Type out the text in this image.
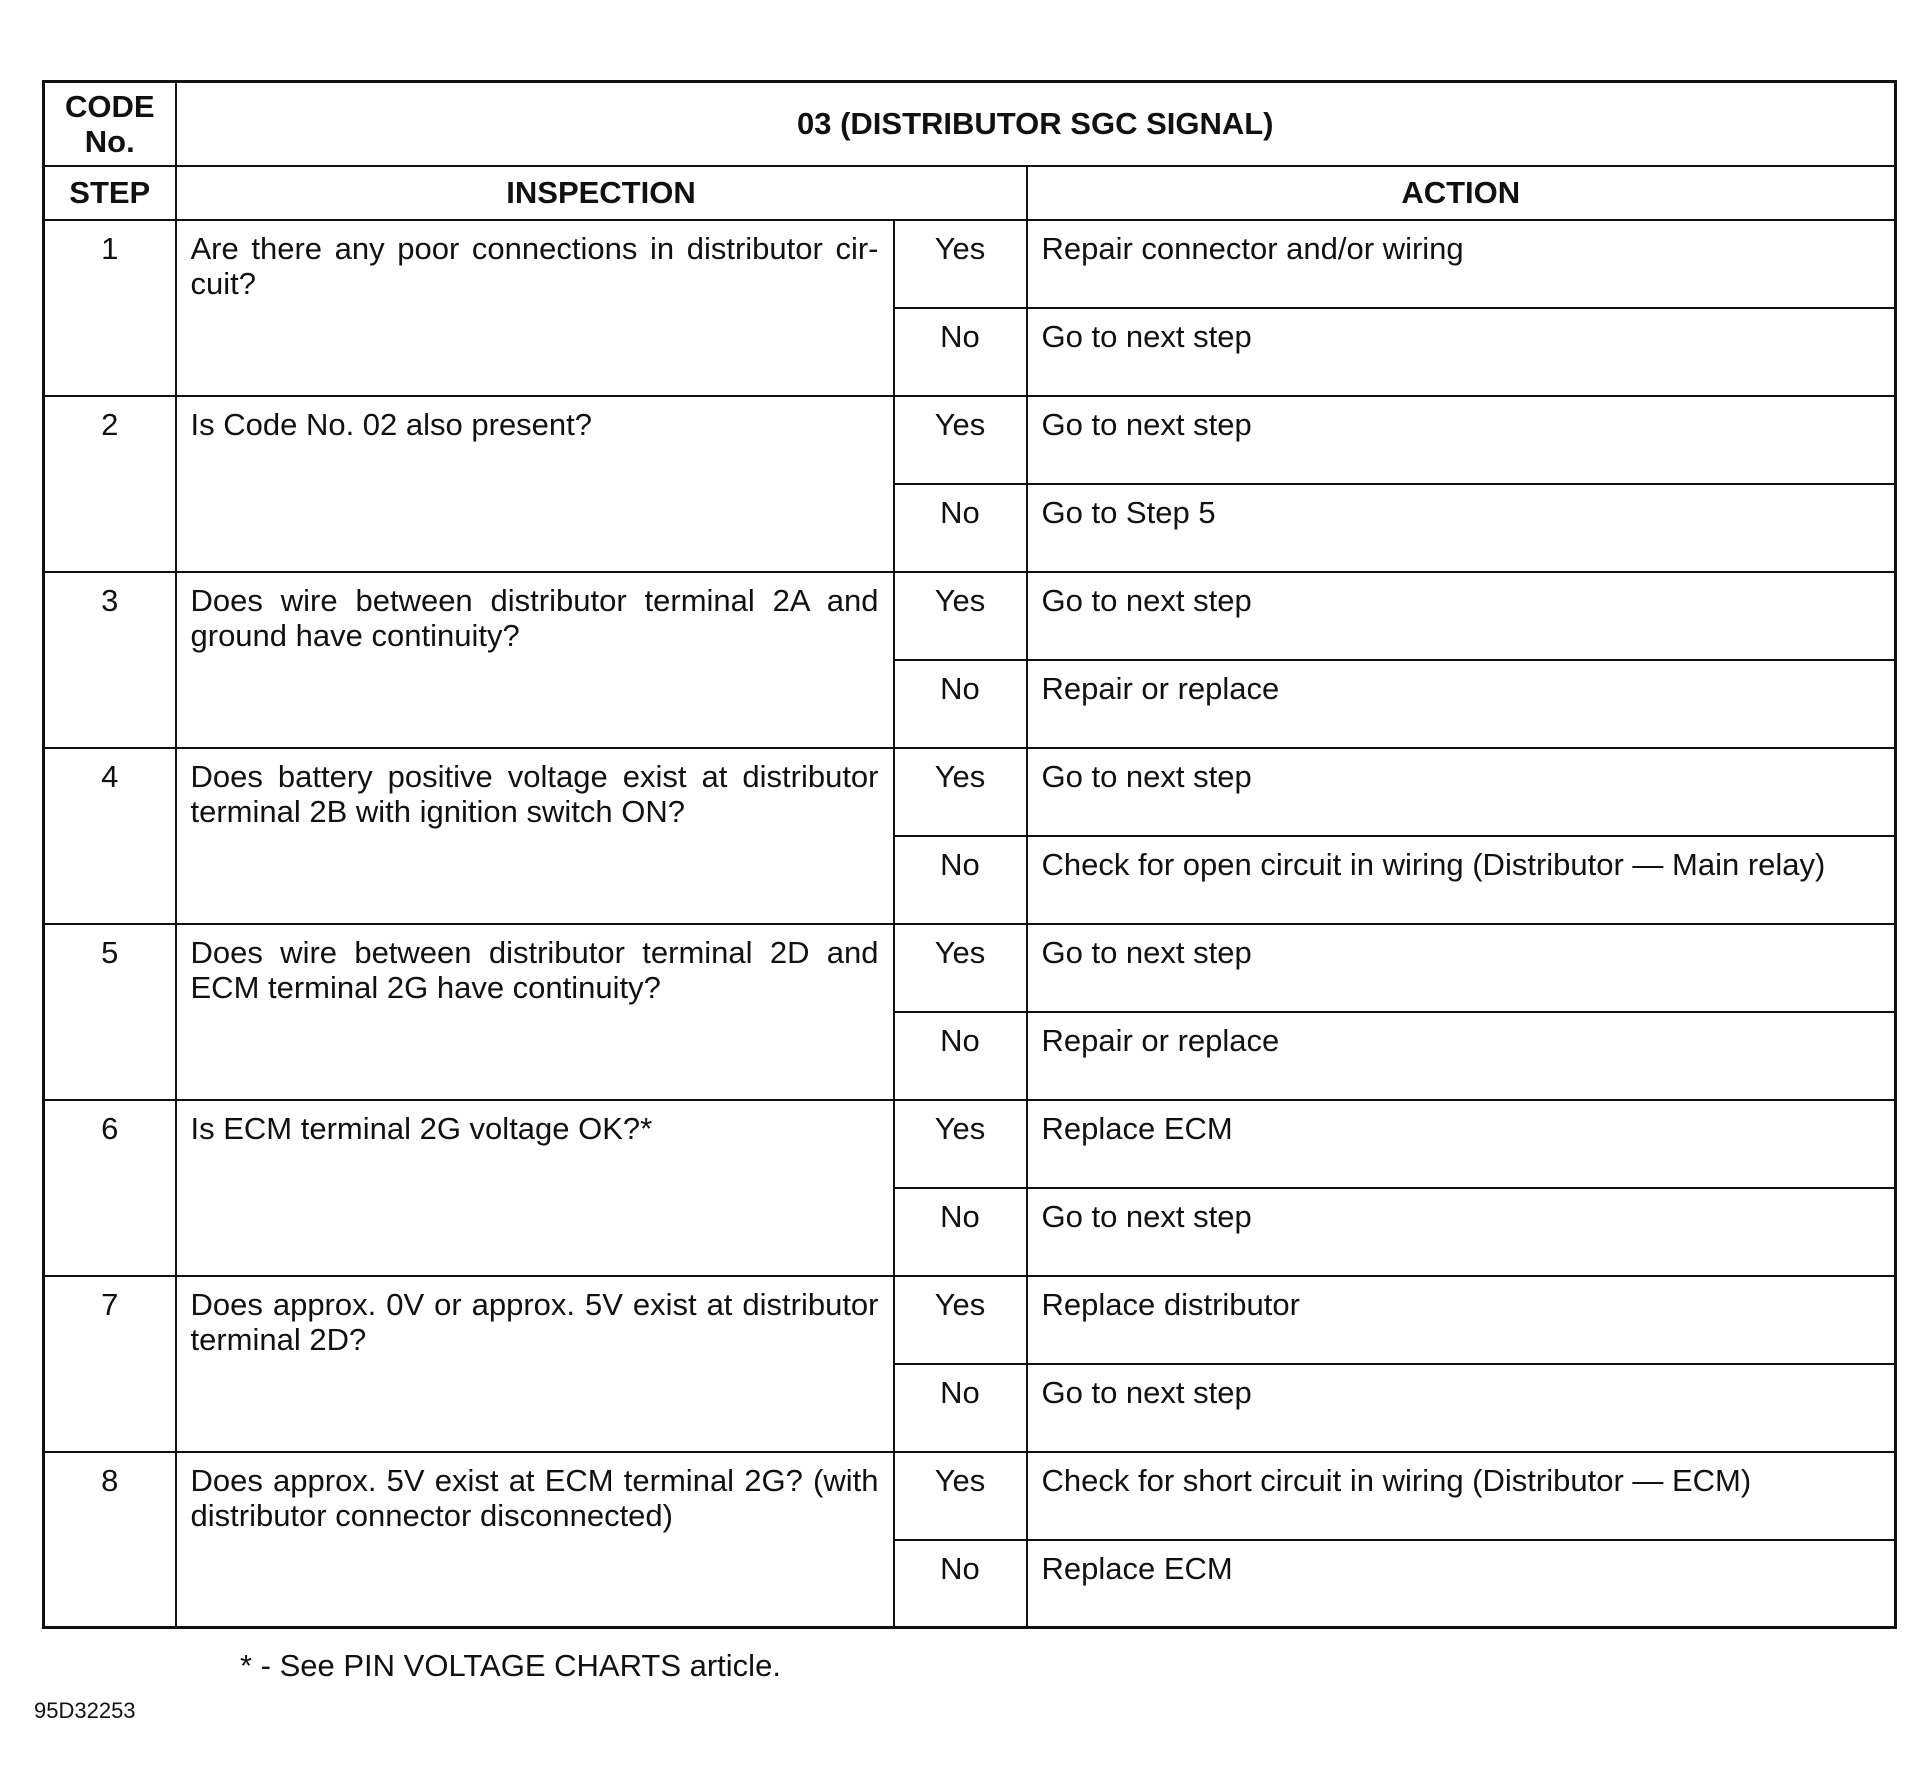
CODE No.	03 (DISTRIBUTOR SGC SIGNAL)		
STEP	INSPECTION		ACTION
1	Are there any poor connections in distributor cir-cuit?	Yes	Repair connector and/or wiring
		No	Go to next step
2	Is Code No. 02 also present?	Yes	Go to next step
		No	Go to Step 5
3	Does wire between distributor terminal 2A and ground have continuity?	Yes	Go to next step
		No	Repair or replace
4	Does battery positive voltage exist at distributor terminal 2B with ignition switch ON?	Yes	Go to next step
		No	Check for open circuit in wiring (Distributor — Main relay)
5	Does wire between distributor terminal 2D and ECM terminal 2G have continuity?	Yes	Go to next step
		No	Repair or replace
6	Is ECM terminal 2G voltage OK?*	Yes	Replace ECM
		No	Go to next step
7	Does approx. 0V or approx. 5V exist at distributor terminal 2D?	Yes	Replace distributor
		No	Go to next step
8	Does approx. 5V exist at ECM terminal 2G? (with distributor connector disconnected)	Yes	Check for short circuit in wiring (Distributor — ECM)
		No	Replace ECM
* - See PIN VOLTAGE CHARTS article.
95D32253
